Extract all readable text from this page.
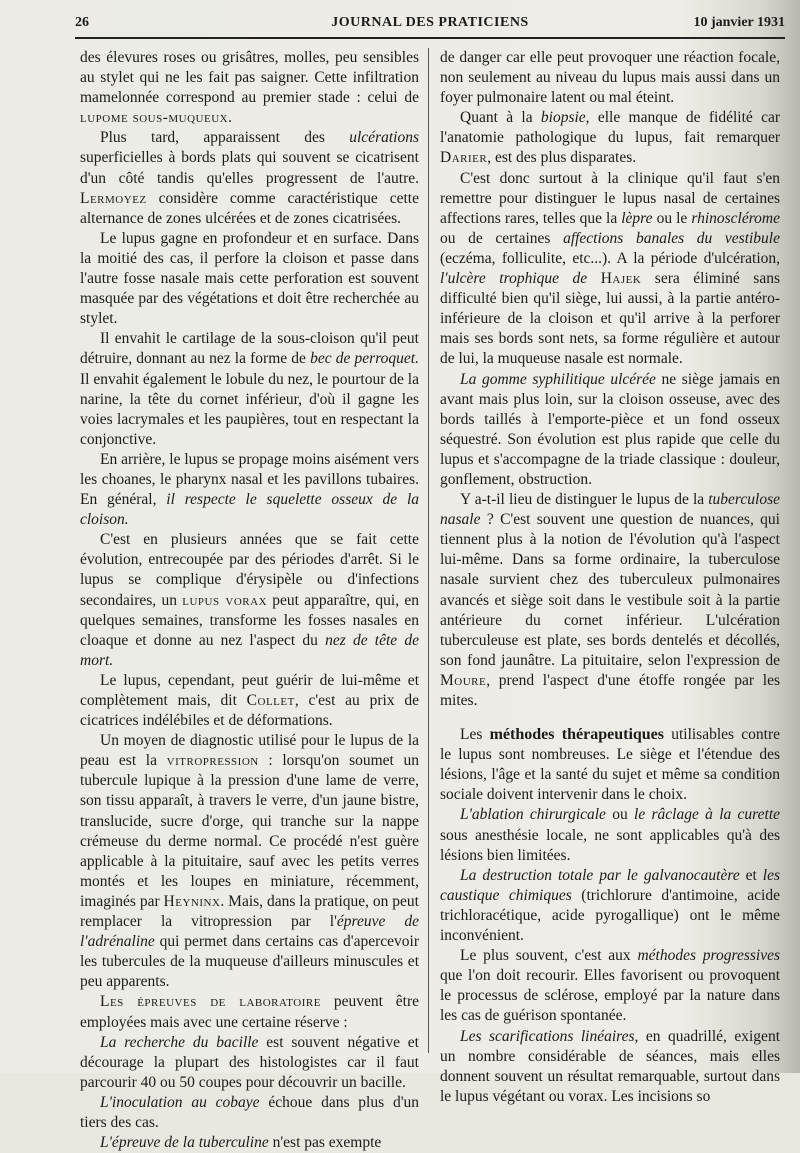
26	JOURNAL DES PRATICIENS	10 janvier 1931

des élevures roses ou grisâtres, molles, peu sensibles au stylet qui ne les fait pas saigner. Cette infiltration mamelonnée correspond au premier stade : celui de lupome sous-muqueux.

Plus tard, apparaissent des ulcérations superficielles à bords plats qui souvent se cicatrisent d'un côté tandis qu'elles progressent de l'autre. Lermoyez considère comme caractéristique cette alternance de zones ulcérées et de zones cicatrisées.

Le lupus gagne en profondeur et en surface. Dans la moitié des cas, il perfore la cloison et passe dans l'autre fosse nasale mais cette perforation est souvent masquée par des végétations et doit être recherchée au stylet.

Il envahit le cartilage de la sous-cloison qu'il peut détruire, donnant au nez la forme de bec de perroquet. Il envahit également le lobule du nez, le pourtour de la narine, la tête du cornet inférieur, d'où il gagne les voies lacrymales et les paupières, tout en respectant la conjonctive.

En arrière, le lupus se propage moins aisément vers les choanes, le pharynx nasal et les pavillons tubaires. En général, il respecte le squelette osseux de la cloison.

C'est en plusieurs années que se fait cette évolution, entrecoupée par des périodes d'arrêt. Si le lupus se complique d'érysipèle ou d'infections secondaires, un lupus vorax peut apparaître, qui, en quelques semaines, transforme les fosses nasales en cloaque et donne au nez l'aspect du nez de tête de mort.

Le lupus, cependant, peut guérir de lui-même et complètement mais, dit Collet, c'est au prix de cicatrices indélébiles et de déformations.

Un moyen de diagnostic utilisé pour le lupus de la peau est la vitropression : lorsqu'on soumet un tubercule lupique à la pression d'une lame de verre, son tissu apparaît, à travers le verre, d'un jaune bistre, translucide, sucre d'orge, qui tranche sur la nappe crémeuse du derme normal. Ce procédé n'est guère applicable à la pituitaire, sauf avec les petits verres montés et les loupes en miniature, récemment, imaginés par Heyninx. Mais, dans la pratique, on peut remplacer la vitropression par l'épreuve de l'adrénaline qui permet dans certains cas d'apercevoir les tubercules de la muqueuse d'ailleurs minuscules et peu apparents.

Les épreuves de laboratoire peuvent être employées mais avec une certaine réserve :

La recherche du bacille est souvent négative et décourage la plupart des histologistes car il faut parcourir 40 ou 50 coupes pour découvrir un bacille.

L'inoculation au cobaye échoue dans plus d'un tiers des cas.

L'épreuve de la tuberculine n'est pas exempte

de danger car elle peut provoquer une réaction focale, non seulement au niveau du lupus mais aussi dans un foyer pulmonaire latent ou mal éteint.

Quant à la biopsie, elle manque de fidélité car l'anatomie pathologique du lupus, fait remarquer Darier, est des plus disparates.

C'est donc surtout à la clinique qu'il faut s'en remettre pour distinguer le lupus nasal de certaines affections rares, telles que la lèpre ou le rhinosclérome ou de certaines affections banales du vestibule (eczéma, folliculite, etc...). A la période d'ulcération, l'ulcère trophique de Hajek sera éliminé sans difficulté bien qu'il siège, lui aussi, à la partie antéro-inférieure de la cloison et qu'il arrive à la perforer mais ses bords sont nets, sa forme régulière et autour de lui, la muqueuse nasale est normale.

La gomme syphilitique ulcérée ne siège jamais en avant mais plus loin, sur la cloison osseuse, avec des bords taillés à l'emporte-pièce et un fond osseux séquestré. Son évolution est plus rapide que celle du lupus et s'accompagne de la triade classique : douleur, gonflement, obstruction.

Y a-t-il lieu de distinguer le lupus de la tuberculose nasale ? C'est souvent une question de nuances, qui tiennent plus à la notion de l'évolution qu'à l'aspect lui-même. Dans sa forme ordinaire, la tuberculose nasale survient chez des tuberculeux pulmonaires avancés et siège soit dans le vestibule soit à la partie antérieure du cornet inférieur. L'ulcération tuberculeuse est plate, ses bords dentelés et décollés, son fond jaunâtre. La pituitaire, selon l'expression de Moure, prend l'aspect d'une étoffe rongée par les mites.

Les méthodes thérapeutiques utilisables contre le lupus sont nombreuses. Le siège et l'étendue des lésions, l'âge et la santé du sujet et même sa condition sociale doivent intervenir dans le choix.

L'ablation chirurgicale ou le râclage à la curette sous anesthésie locale, ne sont applicables qu'à des lésions bien limitées.

La destruction totale par le galvanocautère et les caustique chimiques (trichlorure d'antimoine, acide trichloracétique, acide pyrogallique) ont le même inconvénient.

Le plus souvent, c'est aux méthodes progressives que l'on doit recourir. Elles favorisent ou provoquent le processus de sclérose, employé par la nature dans les cas de guérison spontanée.

Les scarifications linéaires, en quadrillé, exigent un nombre considérable de séances, mais elles donnent souvent un résultat remarquable, surtout dans le lupus végétant ou vorax. Les incisions so
